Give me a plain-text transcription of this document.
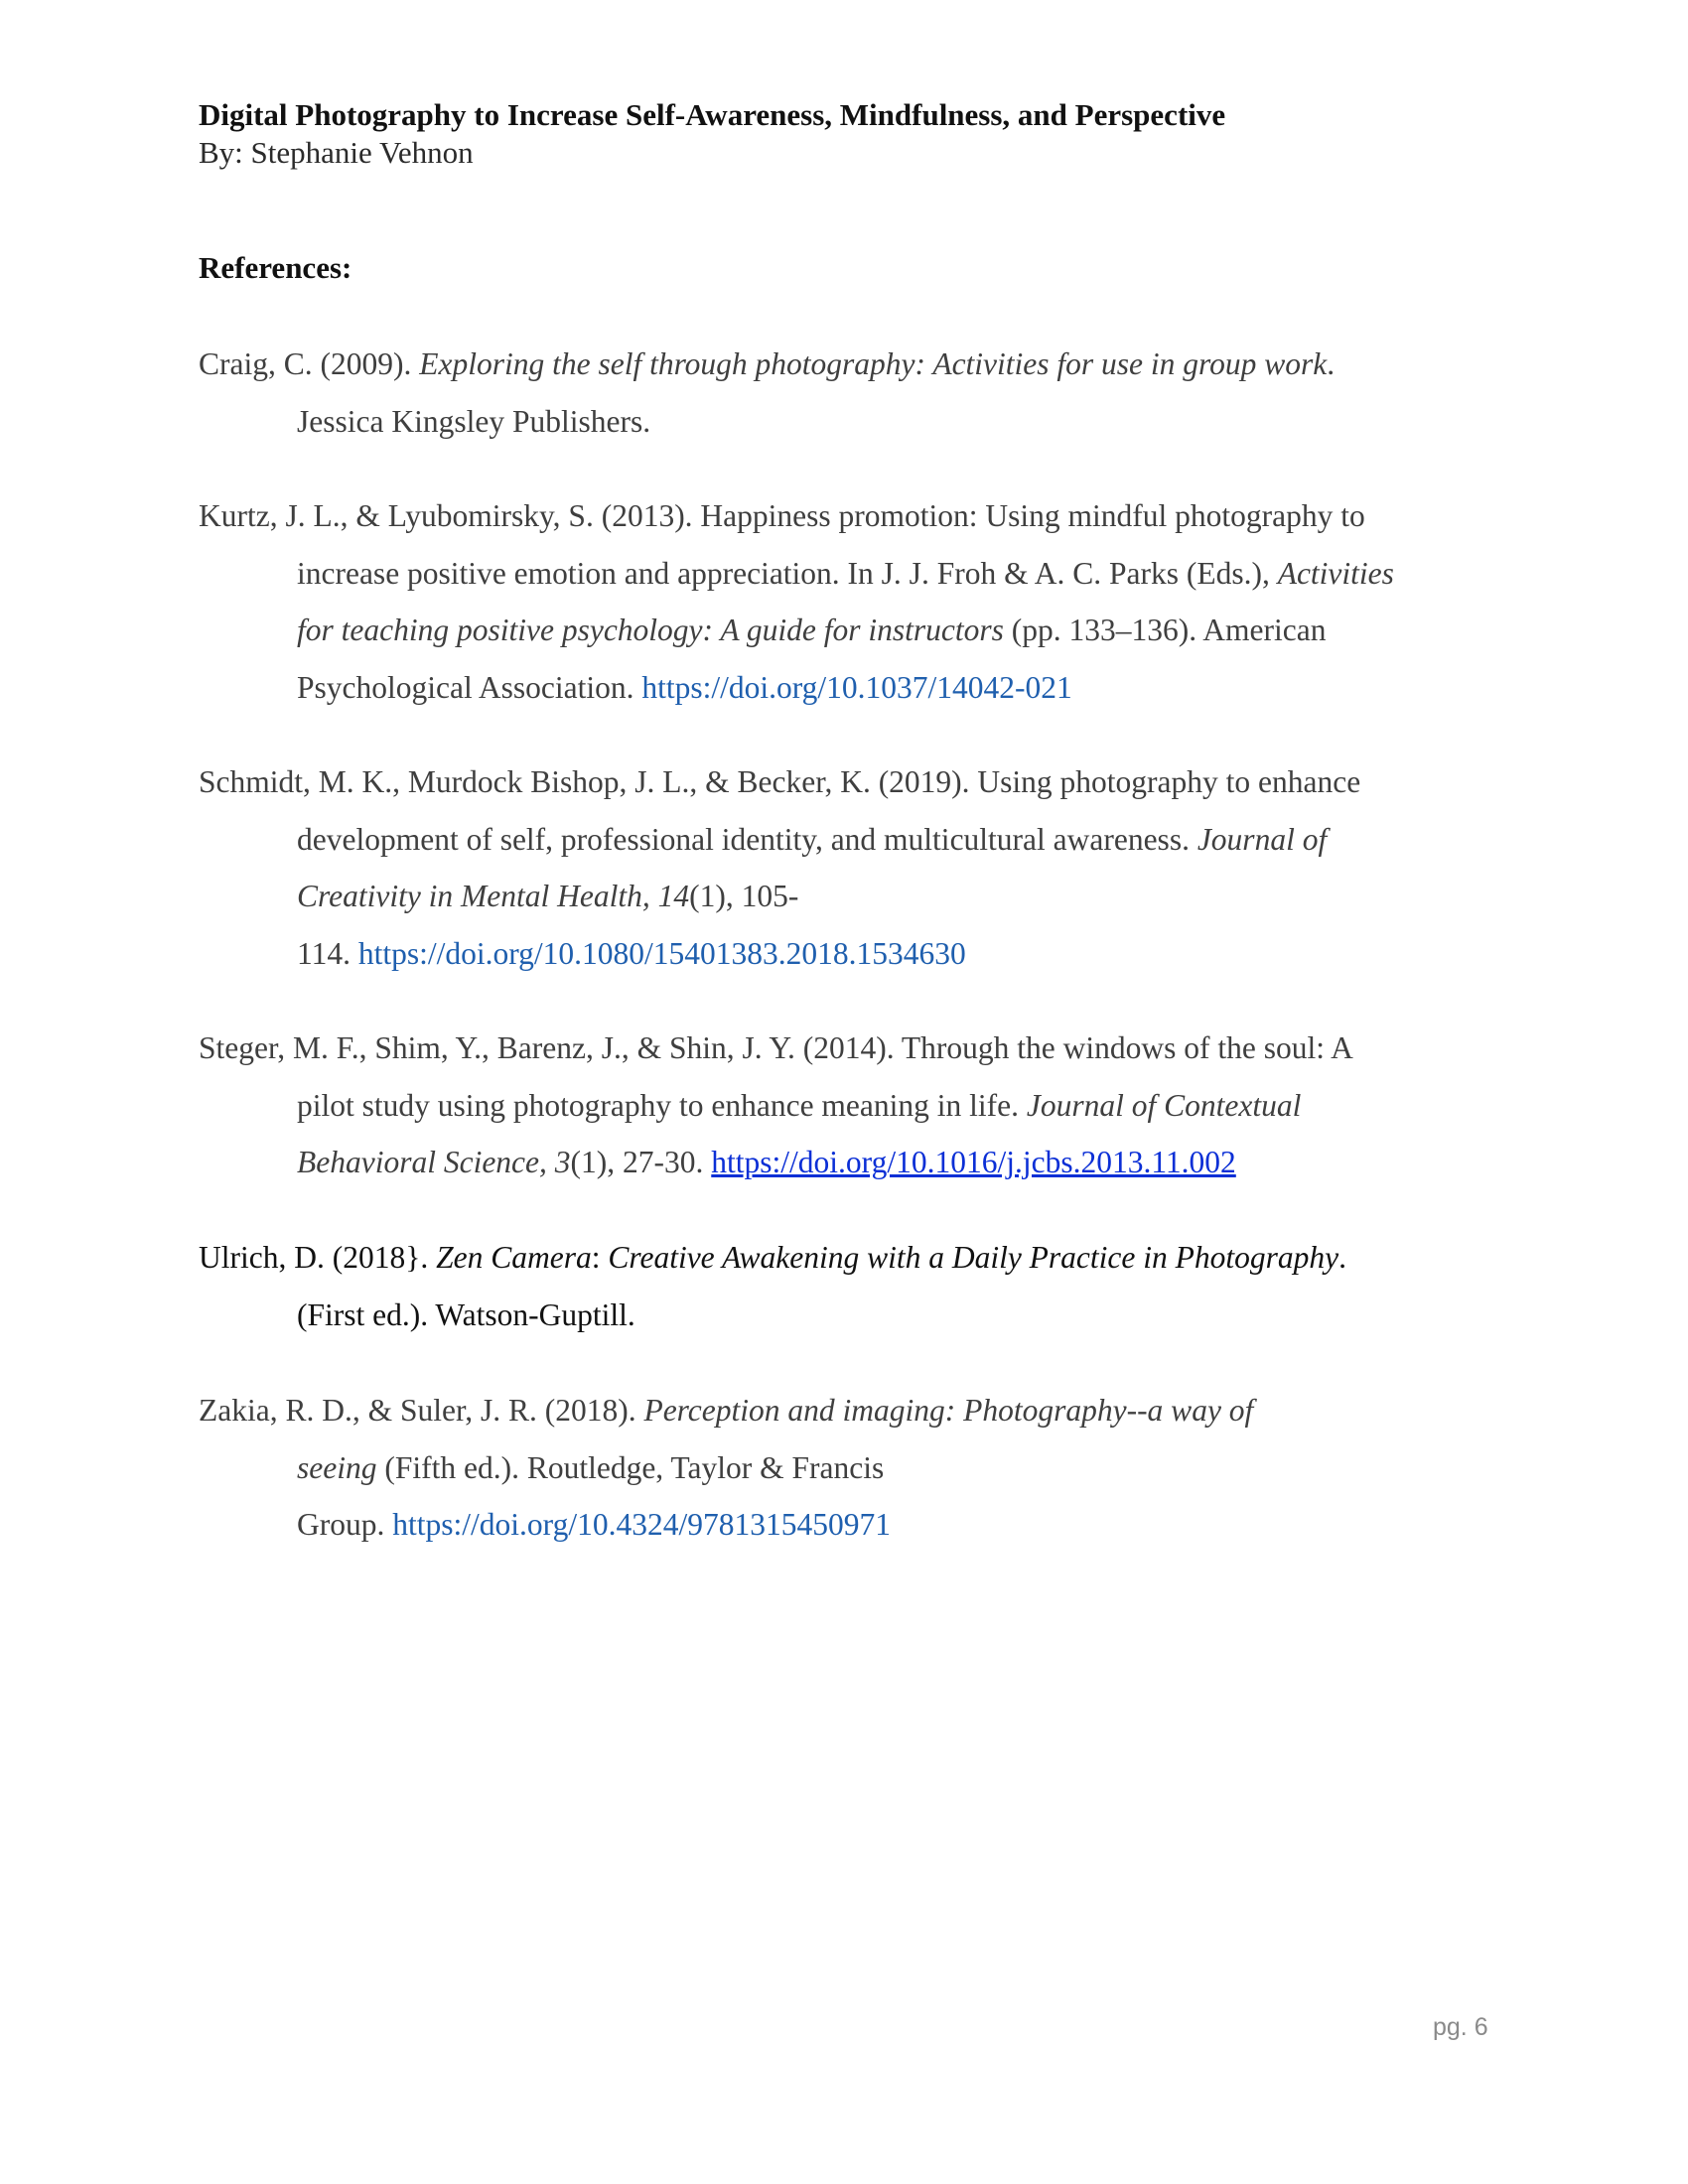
Digital Photography to Increase Self-Awareness, Mindfulness, and Perspective
By: Stephanie Vehnon
References:
Craig, C. (2009). Exploring the self through photography: Activities for use in group work.
Jessica Kingsley Publishers.
Kurtz, J. L., & Lyubomirsky, S. (2013). Happiness promotion: Using mindful photography to
increase positive emotion and appreciation. In J. J. Froh & A. C. Parks (Eds.), Activities
for teaching positive psychology: A guide for instructors (pp. 133–136). American
Psychological Association. https://doi.org/10.1037/14042-021
Schmidt, M. K., Murdock Bishop, J. L., & Becker, K. (2019). Using photography to enhance
development of self, professional identity, and multicultural awareness. Journal of
Creativity in Mental Health, 14(1), 105-
114. https://doi.org/10.1080/15401383.2018.1534630
Steger, M. F., Shim, Y., Barenz, J., & Shin, J. Y. (2014). Through the windows of the soul: A
pilot study using photography to enhance meaning in life. Journal of Contextual
Behavioral Science, 3(1), 27-30. https://doi.org/10.1016/j.jcbs.2013.11.002
Ulrich, D. (2018}. Zen Camera: Creative Awakening with a Daily Practice in Photography.
(First ed.). Watson-Guptill.
Zakia, R. D., & Suler, J. R. (2018). Perception and imaging: Photography--a way of
seeing (Fifth ed.). Routledge, Taylor & Francis
Group. https://doi.org/10.4324/9781315450971
pg. 6
